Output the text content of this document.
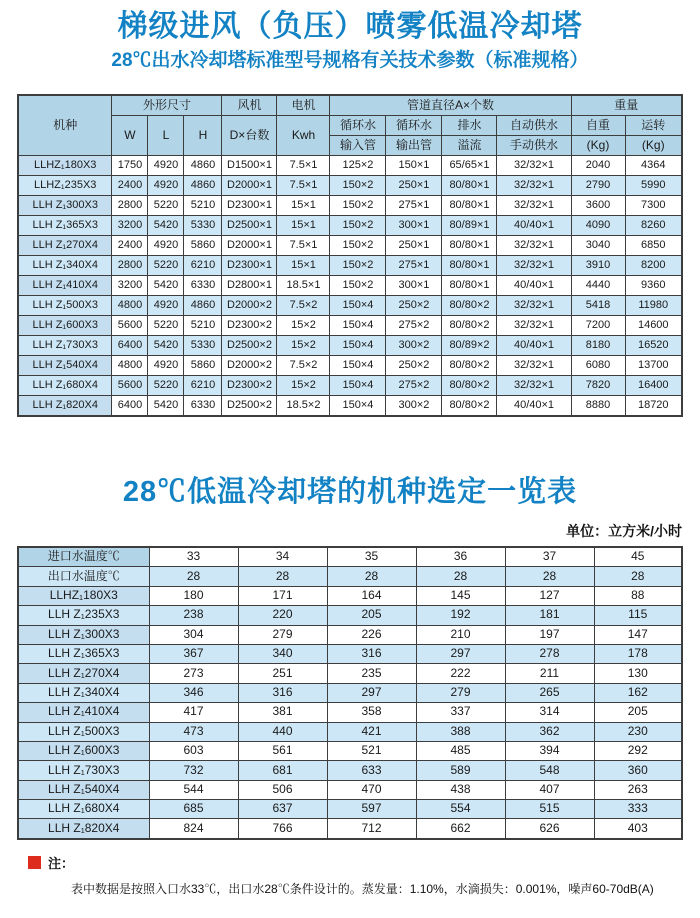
梯级进风（负压）喷雾低温冷却塔
28℃出水冷却塔标准型号规格有关技术参数（标准规格）
机种	外形尺寸			风机	电机	管道直径A×个数				重量	
	W	L	H	D×台数	Kwh	循环水	循环水	排水	自动供水	自重	运转
						输入管	输出管	溢流	手动供水	(Kg)	(Kg)
LLHZ₁180X3	1750	4920	4860	D1500×1	7.5×1	125×2	150×1	65/65×1	32/32×1	2040	4364
LLHZ₁235X3	2400	4920	4860	D2000×1	7.5×1	150×2	250×1	80/80×1	32/32×1	2790	5990
LLH Z₁300X3	2800	5220	5210	D2300×1	15×1	150×2	275×1	80/80×1	32/32×1	3600	7300
LLH Z₁365X3	3200	5420	5330	D2500×1	15×1	150×2	300×1	80/89×1	40/40×1	4090	8260
LLH Z₁270X4	2400	4920	5860	D2000×1	7.5×1	150×2	250×1	80/80×1	32/32×1	3040	6850
LLH Z₁340X4	2800	5220	6210	D2300×1	15×1	150×2	275×1	80/80×1	32/32×1	3910	8200
LLH Z₁410X4	3200	5420	6330	D2800×1	18.5×1	150×2	300×1	80/80×1	40/40×1	4440	9360
LLH Z₁500X3	4800	4920	4860	D2000×2	7.5×2	150×4	250×2	80/80×2	32/32×1	5418	11980
LLH Z₁600X3	5600	5220	5210	D2300×2	15×2	150×4	275×2	80/80×2	32/32×1	7200	14600
LLH Z₁730X3	6400	5420	5330	D2500×2	15×2	150×4	300×2	80/89×2	40/40×1	8180	16520
LLH Z₁540X4	4800	4920	5860	D2000×2	7.5×2	150×4	250×2	80/80×2	32/32×1	6080	13700
LLH Z₁680X4	5600	5220	6210	D2300×2	15×2	150×4	275×2	80/80×2	32/32×1	7820	16400
LLH Z₁820X4	6400	5420	6330	D2500×2	18.5×2	150×4	300×2	80/80×2	40/40×1	8880	18720
28℃低温冷却塔的机种选定一览表
单位：立方米/小时
进口水温度℃	33	34	35	36	37	45
出口水温度℃	28	28	28	28	28	28
LLHZ₁180X3	180	171	164	145	127	88
LLH Z₁235X3	238	220	205	192	181	115
LLH Z₁300X3	304	279	226	210	197	147
LLH Z₁365X3	367	340	316	297	278	178
LLH Z₁270X4	273	251	235	222	211	130
LLH Z₁340X4	346	316	297	279	265	162
LLH Z₁410X4	417	381	358	337	314	205
LLH Z₁500X3	473	440	421	388	362	230
LLH Z₁600X3	603	561	521	485	394	292
LLH Z₁730X3	732	681	633	589	548	360
LLH Z₁540X4	544	506	470	438	407	263
LLH Z₁680X4	685	637	597	554	515	333
LLH Z₁820X4	824	766	712	662	626	403
注：
表中数据是按照入口水33℃，出口水28℃条件设计的。蒸发量：1.10%，水滴损失：0.001%，噪声60-70dB(A)
